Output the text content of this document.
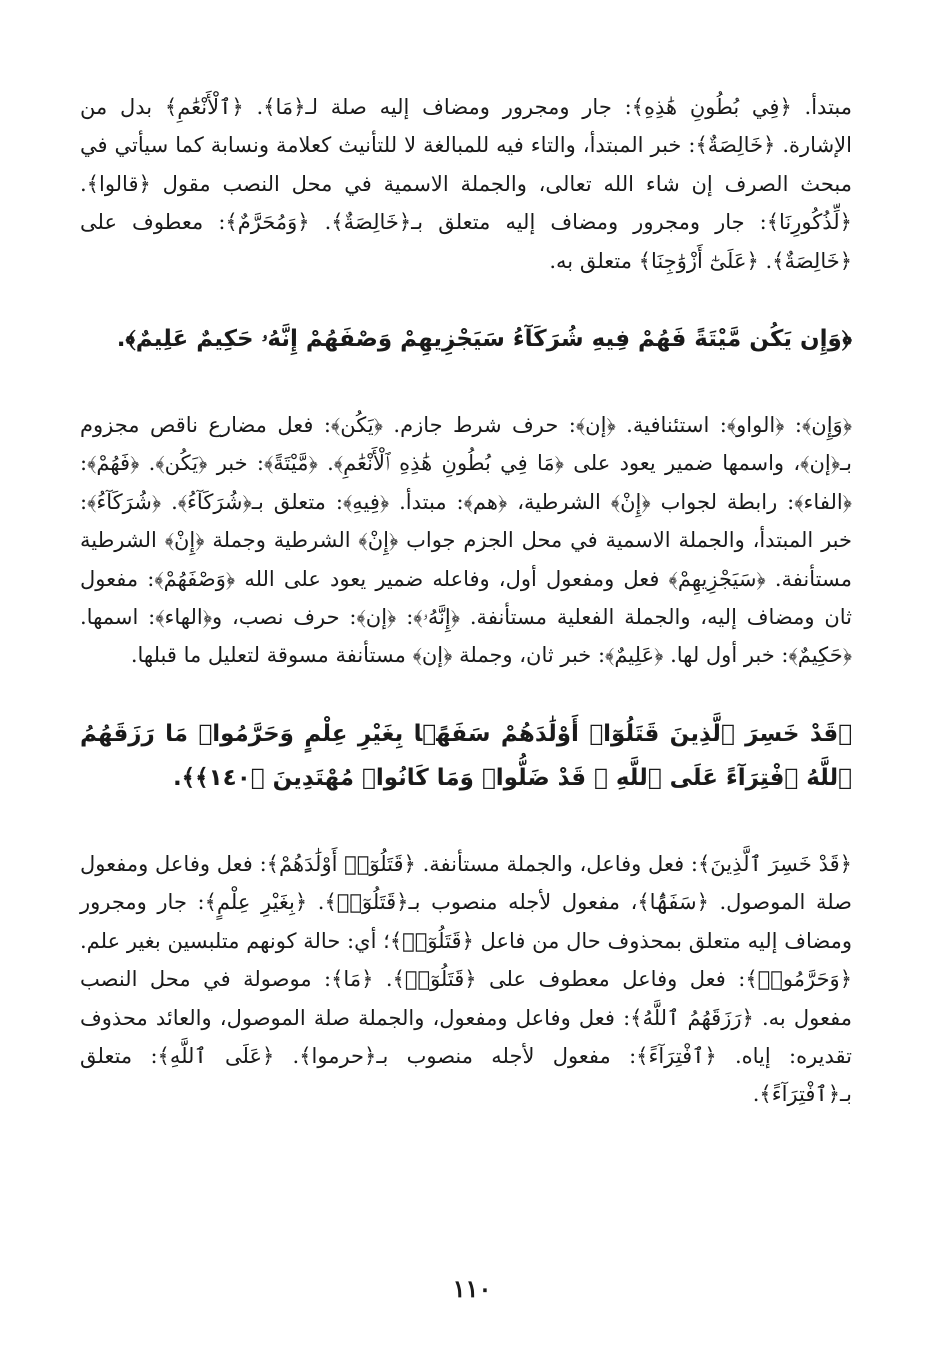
مبتدأ. ﴿فِي بُطُونِ هَٰذِهِ﴾: جار ومجرور ومضاف إليه صلة لـ﴿مَا﴾. ﴿ٱلْأَنْعَٰمِ﴾ بدل من الإشارة. ﴿خَالِصَةٌ﴾: خبر المبتدأ، والتاء فيه للمبالغة لا للتأنيث كعلامة ونسابة كما سيأتي في مبحث الصرف إن شاء الله تعالى، والجملة الاسمية في محل النصب مقول ﴿قالوا﴾. ﴿لِّذُكُورِنَا﴾: جار ومجرور ومضاف إليه متعلق بـ﴿خَالِصَةٌ﴾. ﴿وَمُحَرَّمٌ﴾: معطوف على ﴿خَالِصَةٌ﴾. ﴿عَلَىٰٓ أَزْوَٰجِنَا﴾ متعلق به.

﴿وَإِن يَكُن مَّيْتَةً فَهُمْ فِيهِ شُرَكَآءُ سَيَجْزِيهِمْ وَصْفَهُمْ إِنَّهُۥ حَكِيمٌ عَلِيمٌ﴾.

﴿وَإِن﴾: ﴿الواو﴾: استئنافية. ﴿إن﴾: حرف شرط جازم. ﴿يَكُن﴾: فعل مضارع ناقص مجزوم بـ﴿إن﴾، واسمها ضمير يعود على ﴿مَا فِي بُطُونِ هَٰذِهِ ٱلْأَنْعَٰمِ﴾. ﴿مَّيْتَةً﴾: خبر ﴿يَكُن﴾. ﴿فَهُمْ﴾: ﴿الفاء﴾: رابطة لجواب ﴿إِنْ﴾ الشرطية، ﴿هم﴾: مبتدأ. ﴿فِيهِ﴾: متعلق بـ﴿شُرَكَآءُ﴾. ﴿شُرَكَآءُ﴾: خبر المبتدأ، والجملة الاسمية في محل الجزم جواب ﴿إِنْ﴾ الشرطية وجملة ﴿إِنْ﴾ الشرطية مستأنفة. ﴿سَيَجْزِيهِمْ﴾ فعل ومفعول أول، وفاعله ضمير يعود على الله ﴿وَصْفَهُمْ﴾: مفعول ثان ومضاف إليه، والجملة الفعلية مستأنفة. ﴿إِنَّهُۥ﴾: ﴿إن﴾: حرف نصب، و﴿الهاء﴾: اسمها. ﴿حَكِيمٌ﴾: خبر أول لها. ﴿عَلِيمٌ﴾: خبر ثان، وجملة ﴿إن﴾ مستأنفة مسوقة لتعليل ما قبلها.

﴿قَدْ خَسِرَ ٱلَّذِينَ قَتَلُوٓا۟ أَوْلَٰدَهُمْ سَفَهًۢا بِغَيْرِ عِلْمٍ وَحَرَّمُوا۟ مَا رَزَقَهُمُ ٱللَّهُ ٱفْتِرَآءً عَلَى ٱللَّهِ ۚ قَدْ ضَلُّوا۟ وَمَا كَانُوا۟ مُهْتَدِينَ ﴿١٤٠﴾﴾.

﴿قَدْ خَسِرَ ٱلَّذِينَ﴾: فعل وفاعل، والجملة مستأنفة. ﴿قَتَلُوٓا۟ أَوْلَٰدَهُمْ﴾: فعل وفاعل ومفعول صلة الموصول. ﴿سَفَهًۢا﴾، مفعول لأجله منصوب بـ﴿قَتَلُوٓا۟﴾. ﴿بِغَيْرِ عِلْمٍ﴾: جار ومجرور ومضاف إليه متعلق بمحذوف حال من فاعل ﴿قَتَلُوٓا۟﴾؛ أي: حالة كونهم متلبسين بغير علم. ﴿وَحَرَّمُوا۟﴾: فعل وفاعل معطوف على ﴿قَتَلُوٓا۟﴾. ﴿مَا﴾: موصولة في محل النصب مفعول به. ﴿رَزَقَهُمُ ٱللَّهُ﴾: فعل وفاعل ومفعول، والجملة صلة الموصول، والعائد محذوف تقديره: إياه. ﴿ٱفْتِرَآءً﴾: مفعول لأجله منصوب بـ﴿حرموا﴾. ﴿عَلَى ٱللَّهِ﴾: متعلق بـ﴿ٱفْتِرَآءً﴾.

١١٠
